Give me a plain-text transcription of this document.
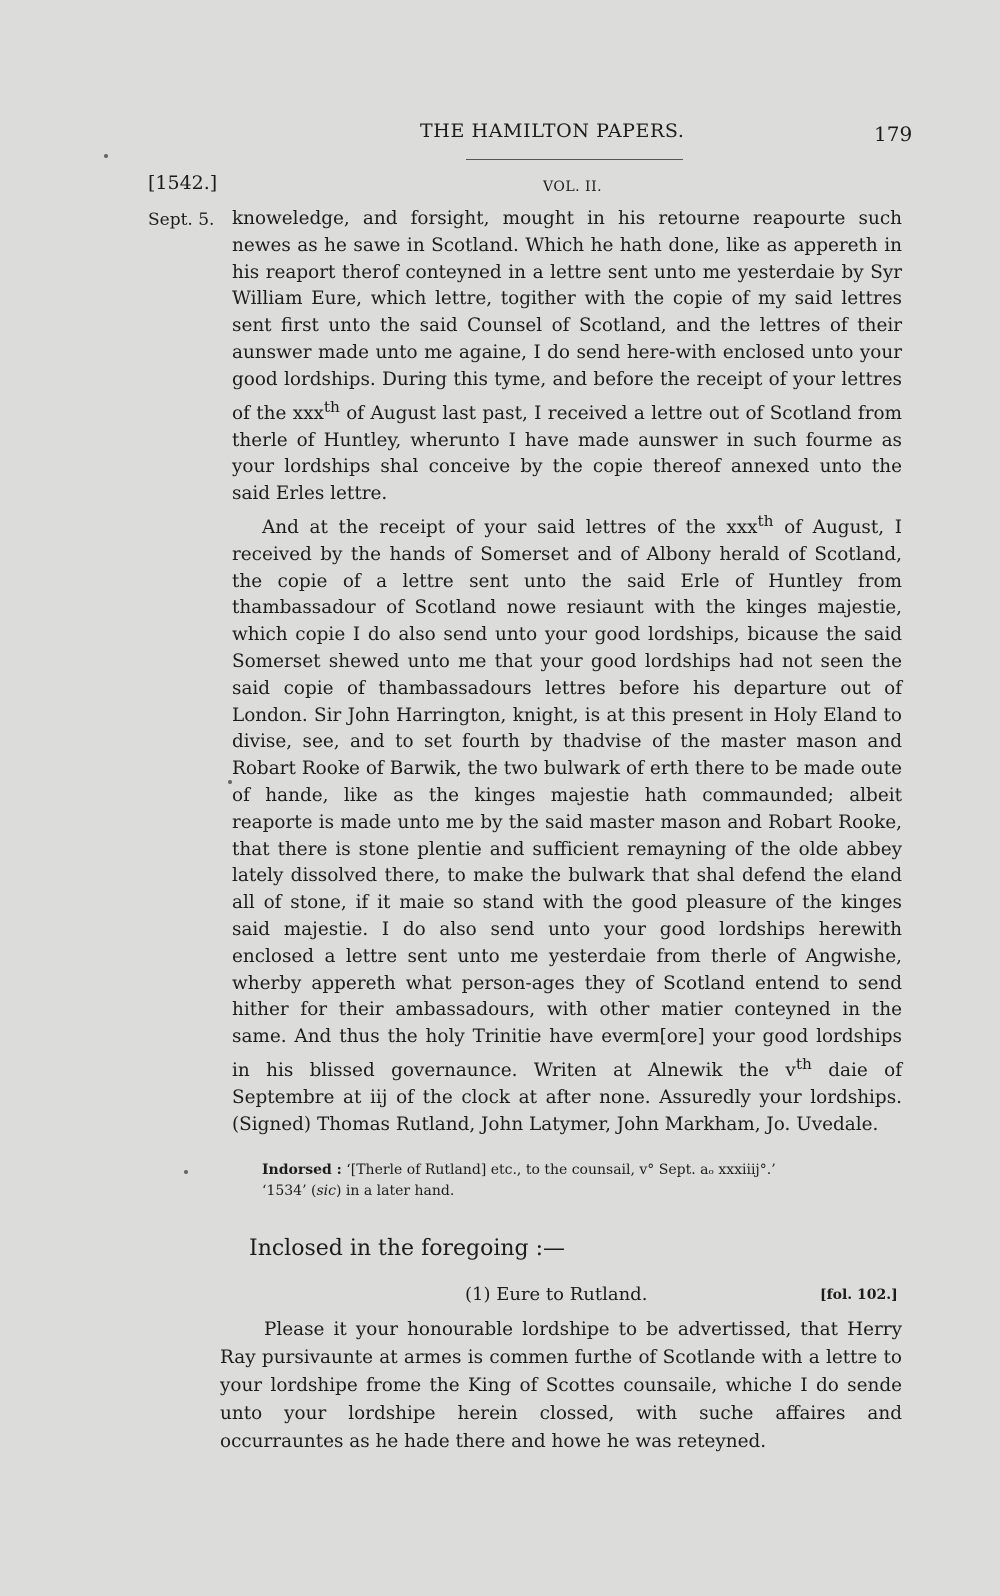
THE HAMILTON PAPERS.	179
[1542.]	VOL. II.
Sept. 5. knoweledge, and forsight, mought in his retourne reapourte such newes as he sawe in Scotland. Which he hath done, like as appereth in his reaport therof conteyned in a lettre sent unto me yesterdaie by Syr William Eure, which lettre, togither with the copie of my said lettres sent first unto the said Counsel of Scotland, and the lettres of their aunswer made unto me againe, I do send here-with enclosed unto your good lordships. During this tyme, and before the receipt of your lettres of the xxx$^{th}$ of August last past, I received a lettre out of Scotland from therle of Huntley, wherunto I have made aunswer in such fourme as your lordships shal conceive by the copie thereof annexed unto the said Erles lettre.

And at the receipt of your said lettres of the xxx$^{th}$ of August, I received by the hands of Somerset and of Albony herald of Scotland, the copie of a lettre sent unto the said Erle of Huntley from thambassadour of Scotland nowe resiaunt with the kinges majestie, which copie I do also send unto your good lordships, bicause the said Somerset shewed unto me that your good lordships had not seen the said copie of thambassadours lettres before his departure out of London. Sir John Harrington, knight, is at this present in Holy Eland to divise, see, and to set fourth by thadvise of the master mason and Robart Rooke of Barwik, the two bulwark of erth there to be made oute of hande, like as the kinges majestie hath commaunded; albeit reaporte is made unto me by the said master mason and Robart Rooke, that there is stone plentie and sufficient remayning of the olde abbey lately dissolved there, to make the bulwark that shal defend the eland all of stone, if it maie so stand with the good pleasure of the kinges said majestie. I do also send unto your good lordships herewith enclosed a lettre sent unto me yesterdaie from therle of Angwishe, wherby appereth what person-ages they of Scotland entend to send hither for their ambassadours, with other matier conteyned in the same. And thus the holy Trinitie have everm[ore] your good lordships in his blissed governaunce. Writen at Alnewik the $v^{th}$ daie of Septembre at iij of the clock at after none. Assuredly your lordships. (Signed) Thomas Rutland, John Latymer, John Markham, Jo. Uvedale.

Indorsed : ‘[Therle of Rutland] etc., to the counsail, v° Sept. aₒ xxxiiij°.’
‘1534’ (sic) in a later hand.
Inclosed in the foregoing :—
(1) Eure to Rutland.	[fol. 102.]

Please it your honourable lordshipe to be advertissed, that Herry Ray pursivaunte at armes is commen furthe of Scotlande with a lettre to your lordshipe frome the King of Scottes counsaile, whiche I do sende unto your lordshipe herein clossed, with suche affaires and occurrauntes as he hade there and howe he was reteyned.
